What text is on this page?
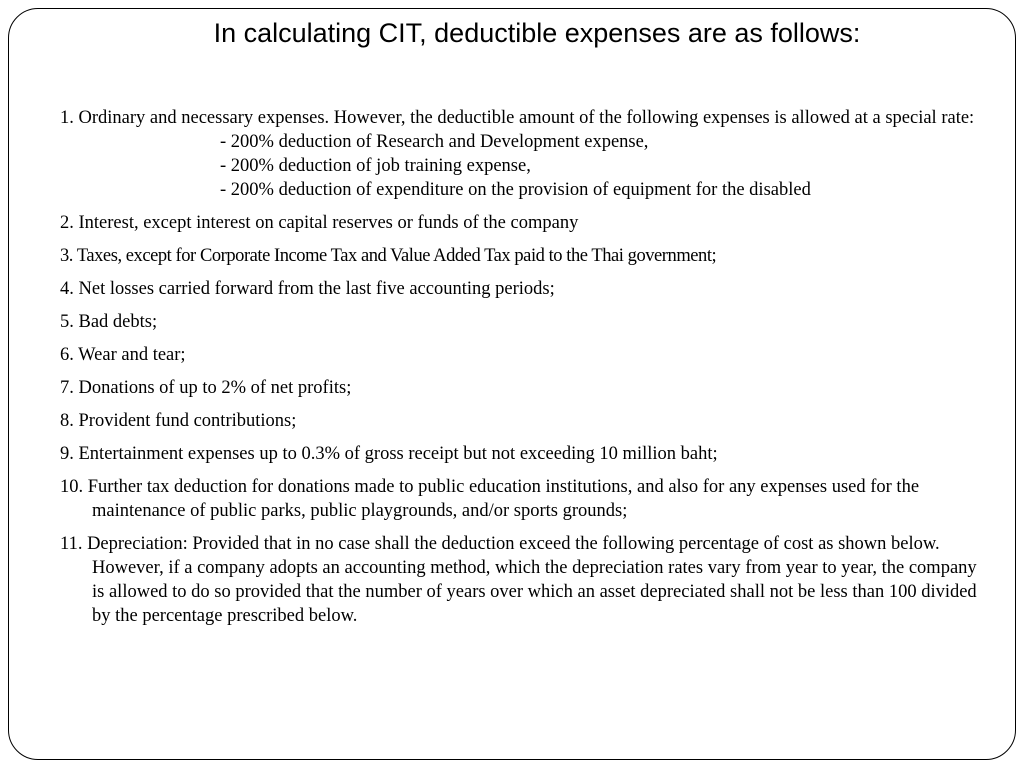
In calculating CIT, deductible expenses are as follows:
1. Ordinary and necessary expenses. However, the deductible amount of the following expenses is allowed at a special rate:
- 200% deduction of Research and Development expense,
- 200% deduction of job training expense,
- 200% deduction of expenditure on the provision of equipment for the disabled
2. Interest, except interest on capital reserves or funds of the company
3. Taxes, except for Corporate Income Tax and Value Added Tax paid to the Thai government;
4. Net losses carried forward from the last five accounting periods;
5. Bad debts;
6. Wear and tear;
7. Donations of up to 2% of net profits;
8. Provident fund contributions;
9. Entertainment expenses up to 0.3% of gross receipt but not exceeding 10 million baht;
10. Further tax deduction for donations made to public education institutions, and also for any expenses used for the maintenance of public parks, public playgrounds, and/or sports grounds;
11. Depreciation: Provided that in no case shall the deduction exceed the following percentage of cost as shown below. However, if a company adopts an accounting method, which the depreciation rates vary from year to year, the company is allowed to do so provided that the number of years over which an asset depreciated shall not be less than 100 divided by the percentage prescribed below.
